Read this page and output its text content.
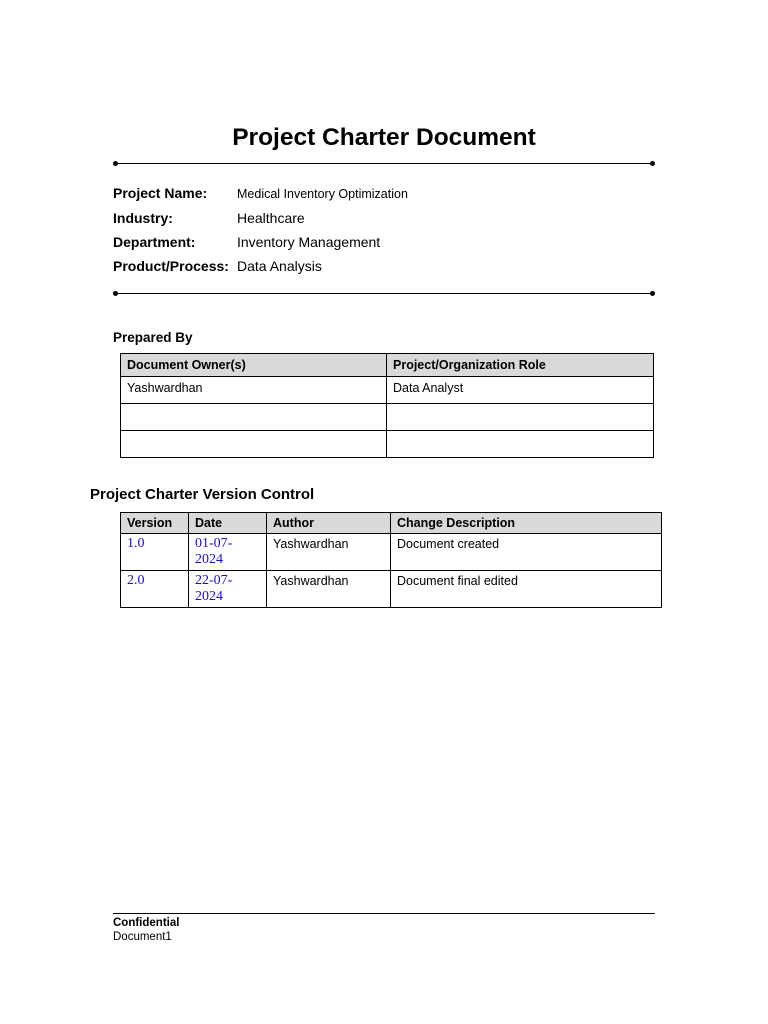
Project Charter Document
Project Name: Medical Inventory Optimization
Industry:	Healthcare
Department:	Inventory Management
Product/Process: Data Analysis
Prepared By
Document Owner(s)	Project/Organization Role
Yashwardhan	Data Analyst

Project Charter Version Control
Version	Date	Author	Change Description
1.0	01-07-2024	Yashwardhan	Document created
2.0	22-07-2024	Yashwardhan	Document final edited
Confidential
Document1
